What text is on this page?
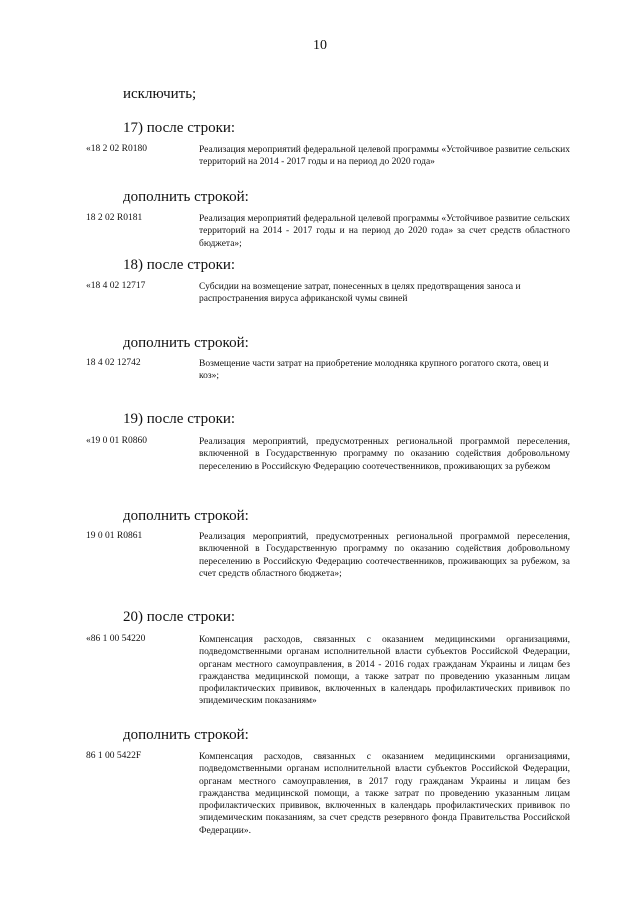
10
исключить;
17) после строки:
«18 2 02 R0180	Реализация мероприятий федеральной целевой программы «Устойчивое развитие сельских территорий на 2014 - 2017 годы и на период до 2020 года»
дополнить строкой:
18 2 02 R0181	Реализация мероприятий федеральной целевой программы «Устойчивое развитие сельских территорий на 2014 - 2017 годы и на период до 2020 года» за счет средств областного бюджета»;
18) после строки:
«18 4 02 12717	Субсидии на возмещение затрат, понесенных в целях предотвращения заноса и распространения вируса африканской чумы свиней
дополнить строкой:
18 4 02 12742	Возмещение части затрат на приобретение молодняка крупного рогатого скота, овец и коз»;
19) после строки:
«19 0 01 R0860	Реализация мероприятий, предусмотренных региональной программой переселения, включенной в Государственную программу по оказанию содействия добровольному переселению в Российскую Федерацию соотечественников, проживающих за рубежом
дополнить строкой:
19 0 01 R0861	Реализация мероприятий, предусмотренных региональной программой переселения, включенной в Государственную программу по оказанию содействия добровольному переселению в Российскую Федерацию соотечественников, проживающих за рубежом, за счет средств областного бюджета»;
20) после строки:
«86 1 00 54220	Компенсация расходов, связанных с оказанием медицинскими организациями, подведомственными органам исполнительной власти субъектов Российской Федерации, органам местного самоуправления, в 2014 - 2016 годах гражданам Украины и лицам без гражданства медицинской помощи, а также затрат по проведению указанным лицам профилактических прививок, включенных в календарь профилактических прививок по эпидемическим показаниям»
дополнить строкой:
86 1 00 5422F	Компенсация расходов, связанных с оказанием медицинскими организациями, подведомственными органам исполнительной власти субъектов Российской Федерации, органам местного самоуправления, в 2017 году гражданам Украины и лицам без гражданства медицинской помощи, а также затрат по проведению указанным лицам профилактических прививок, включенных в календарь профилактических прививок по эпидемическим показаниям, за счет средств резервного фонда Правительства Российской Федерации».
